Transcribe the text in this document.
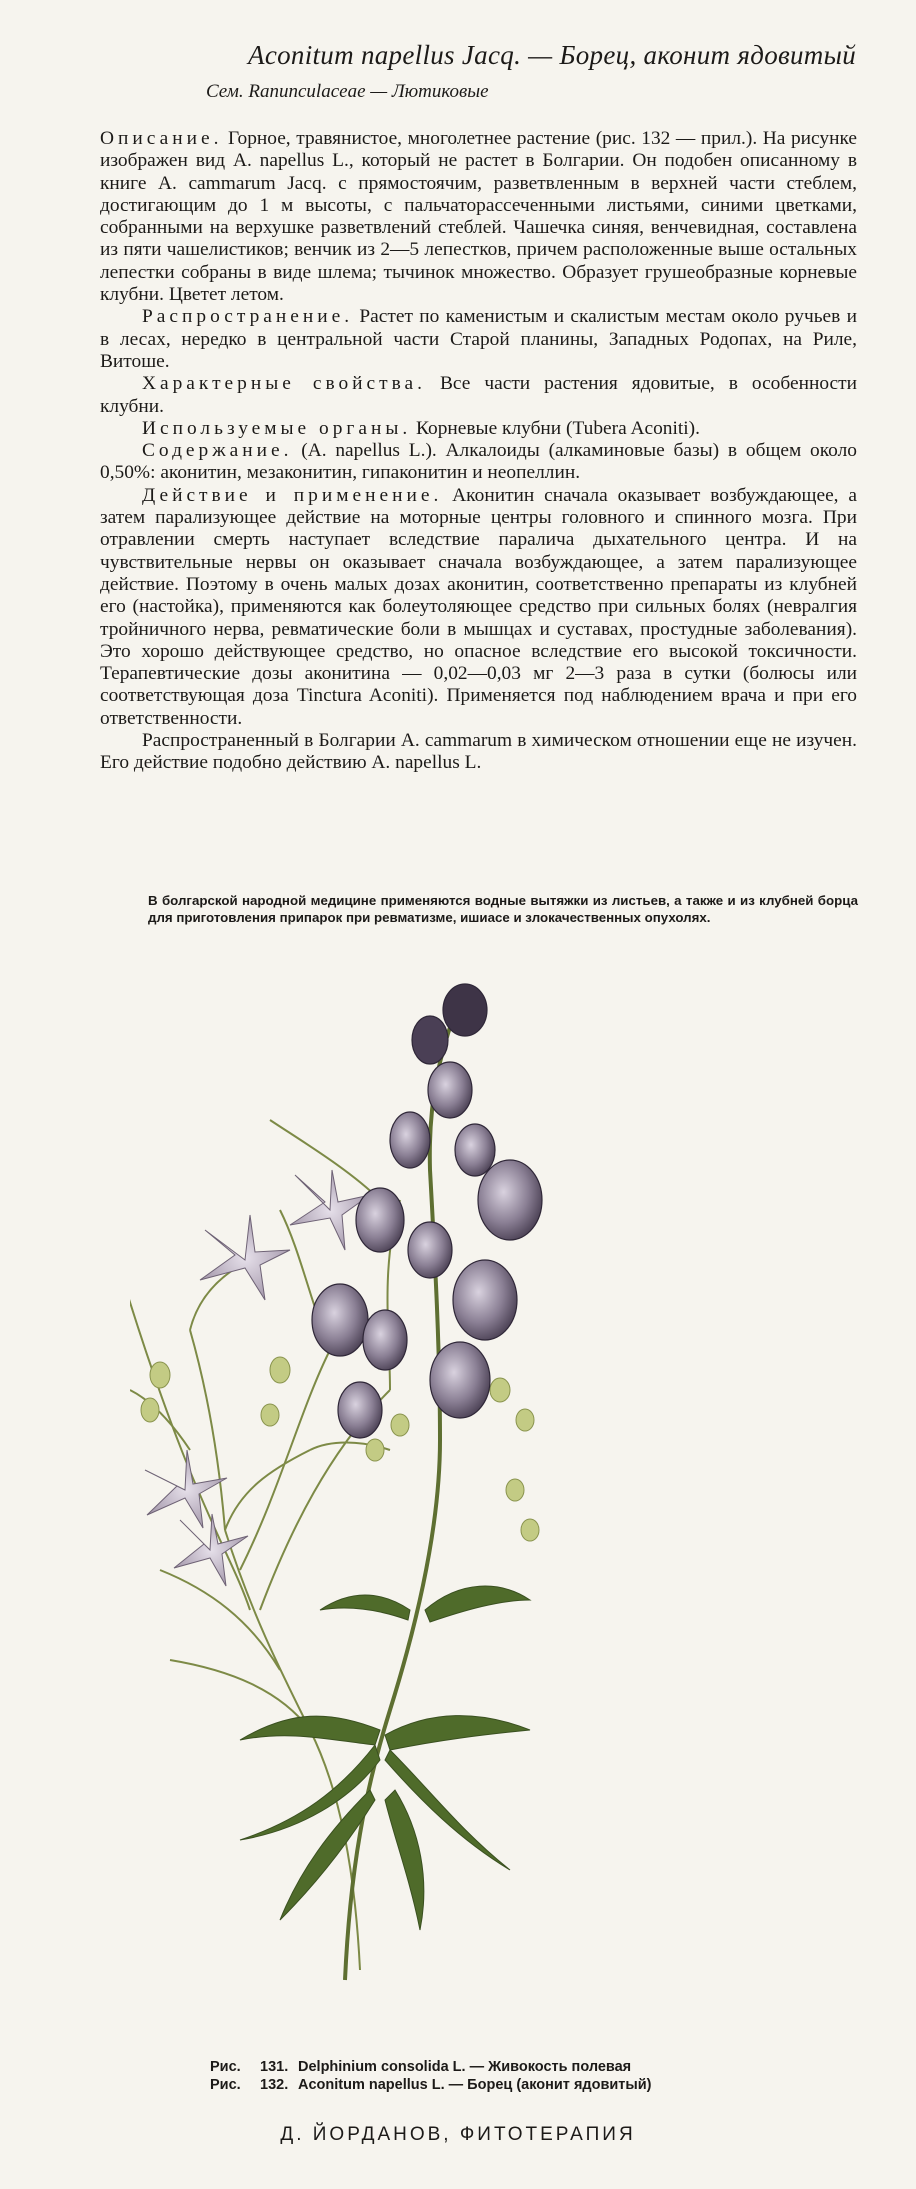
Aconitum napellus Jacq. — Борец, аконит ядовитый
Сем. Ranunculaceae — Лютиковые

Описание. Горное, травянистое, многолетнее растение (рис. 132 — прил.). На рисунке изображен вид A. napellus L., который не растет в Болгарии. Он подобен описанному в книге A. cammarum Jacq. с прямостоячим, разветвленным в верхней части стеблем, достигающим до 1 м высоты, с пальчаторассеченными листьями, синими цветками, собранными на верхушке разветвлений стеблей. Чашечка синяя, венчевидная, составлена из пяти чашелистиков; венчик из 2—5 лепестков, причем расположенные выше остальных лепестки собраны в виде шлема; тычинок множество. Образует грушеобразные корневые клубни. Цветет летом.

Распространение. Растет по каменистым и скалистым местам около ручьев и в лесах, нередко в центральной части Старой планины, Западных Родопах, на Риле, Витоше.

Характерные свойства. Все части растения ядовитые, в особенности клубни.

Используемые органы. Корневые клубни (Tubera Aconiti).

Содержание. (A. napellus L.). Алкалоиды (алкаминовые базы) в общем около 0,50%: аконитин, мезаконитин, гипаконитин и неопеллин.

Действие и применение. Аконитин сначала оказывает возбуждающее, а затем парализующее действие на моторные центры головного и спинного мозга. При отравлении смерть наступает вследствие паралича дыхательного центра. И на чувствительные нервы он оказывает сначала возбуждающее, а затем парализующее действие. Поэтому в очень малых дозах аконитин, соответственно препараты из клубней его (настойка), применяются как болеутоляющее средство при сильных болях (невралгия тройничного нерва, ревматические боли в мышцах и суставах, простудные заболевания). Это хорошо действующее средство, но опасное вследствие его высокой токсичности. Терапевтические дозы аконитина — 0,02—0,03 мг 2—3 раза в сутки (болюсы или соответствующая доза Tinctura Aconiti). Применяется под наблюдением врача и при его ответственности.

Распространенный в Болгарии A. cammarum в химическом отношении еще не изучен. Его действие подобно действию A. napellus L.

В болгарской народной медицине применяются водные вытяжки из листьев, а также и из клубней борца для приготовления припарок при ревматизме, ишиасе и злокачественных опухолях.
Рис. 131. Delphinium consolida L. — Живокость полевая
Рис. 132. Aconitum napellus L. — Борец (аконит ядовитый)
Д. ЙОРДАНОВ, ФИТОТЕРАПИЯ
